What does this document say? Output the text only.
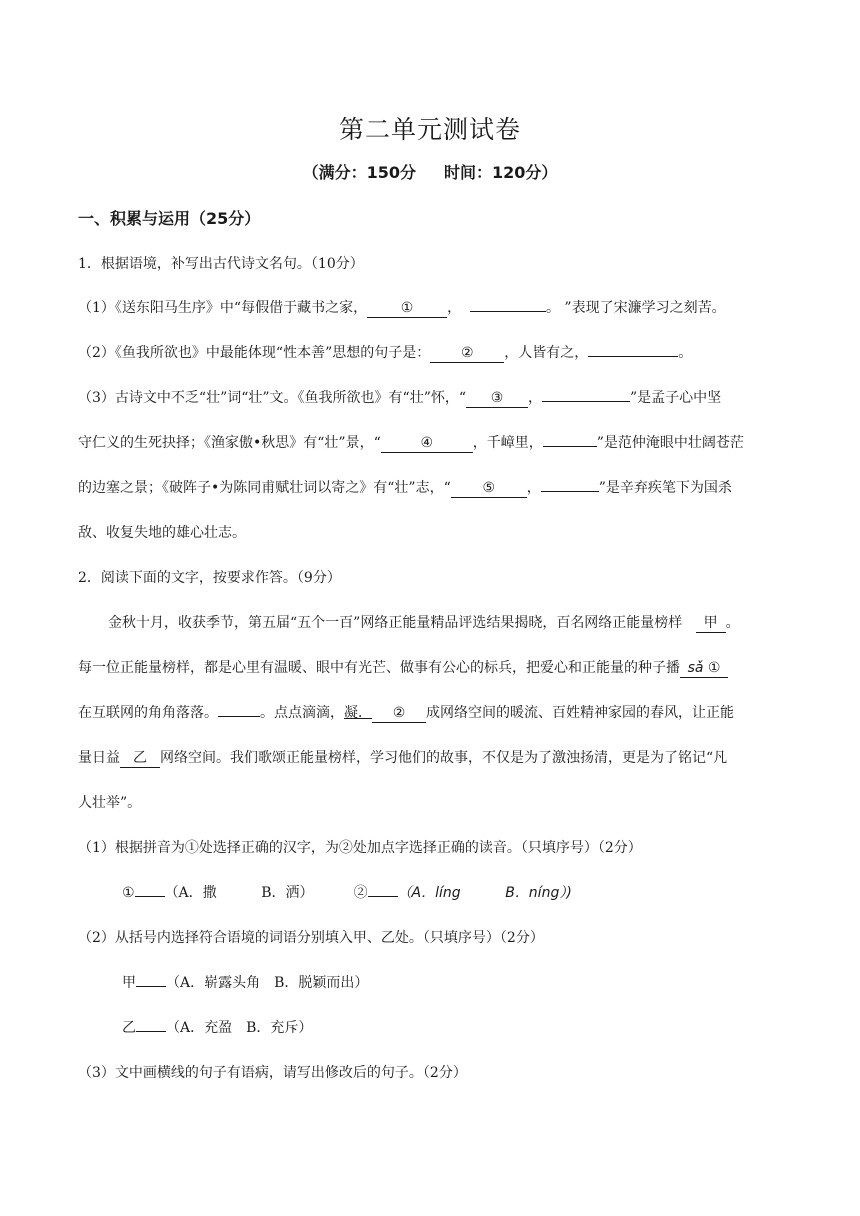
第二单元测试卷
（满分：150分 时间：120分）
一、积累与运用（25分）
1．根据语境，补写出古代诗文名句。（10分）
（1）《送东阳马生序》中“每假借于藏书之家， ① ，	。 ”表现了宋濂学习之刻苦。
（2）《鱼我所欲也》中最能体现“性本善”思想的句子是： ② ，人皆有之，	。
（3）古诗文中不乏“壮”词“壮”文。《鱼我所欲也》有“壮”怀，“ ③ ，	”是孟子心中坚
守仁义的生死抉择；《渔家傲•秋思》有“壮”景，“	④	，千嶂里，	”是范仲淹眼中壮阔苍茫
的边塞之景；《破阵子•为陈同甫赋壮词以寄之》有“壮”志，“ ⑤ ，	”是辛弃疾笔下为国杀
敌、收复失地的雄心壮志。
2．阅读下面的文字，按要求作答。（9分）
金秋十月，收获季节，第五届“五个一百”网络正能量精品评选结果揭晓，百名网络正能量榜样 甲 。
每一位正能量榜样，都是心里有温暖、眼中有光芒、做事有公心的标兵，把爱心和正能量的种子播 sǎ ①
在互联网的角角落落。	。点点滴滴，凝． ② 成网络空间的暖流、百姓精神家园的春风，让正能
量日益 乙 网络空间。我们歌颂正能量榜样，学习他们的故事，不仅是为了激浊扬清，更是为了铭记“凡
人壮举”。
（1）根据拼音为①处选择正确的汉字，为②处加点字选择正确的读音。（只填序号）（2分）
① （A．撒	B．洒）	② （A．líng	B．níng）)
（2）从括号内选择符合语境的词语分别填入甲、乙处。（只填序号）（2分）
甲 （A．崭露头角　B．脱颖而出）
乙 （A．充盈　B．充斥）
（3）文中画横线的句子有语病，请写出修改后的句子。（2分）
